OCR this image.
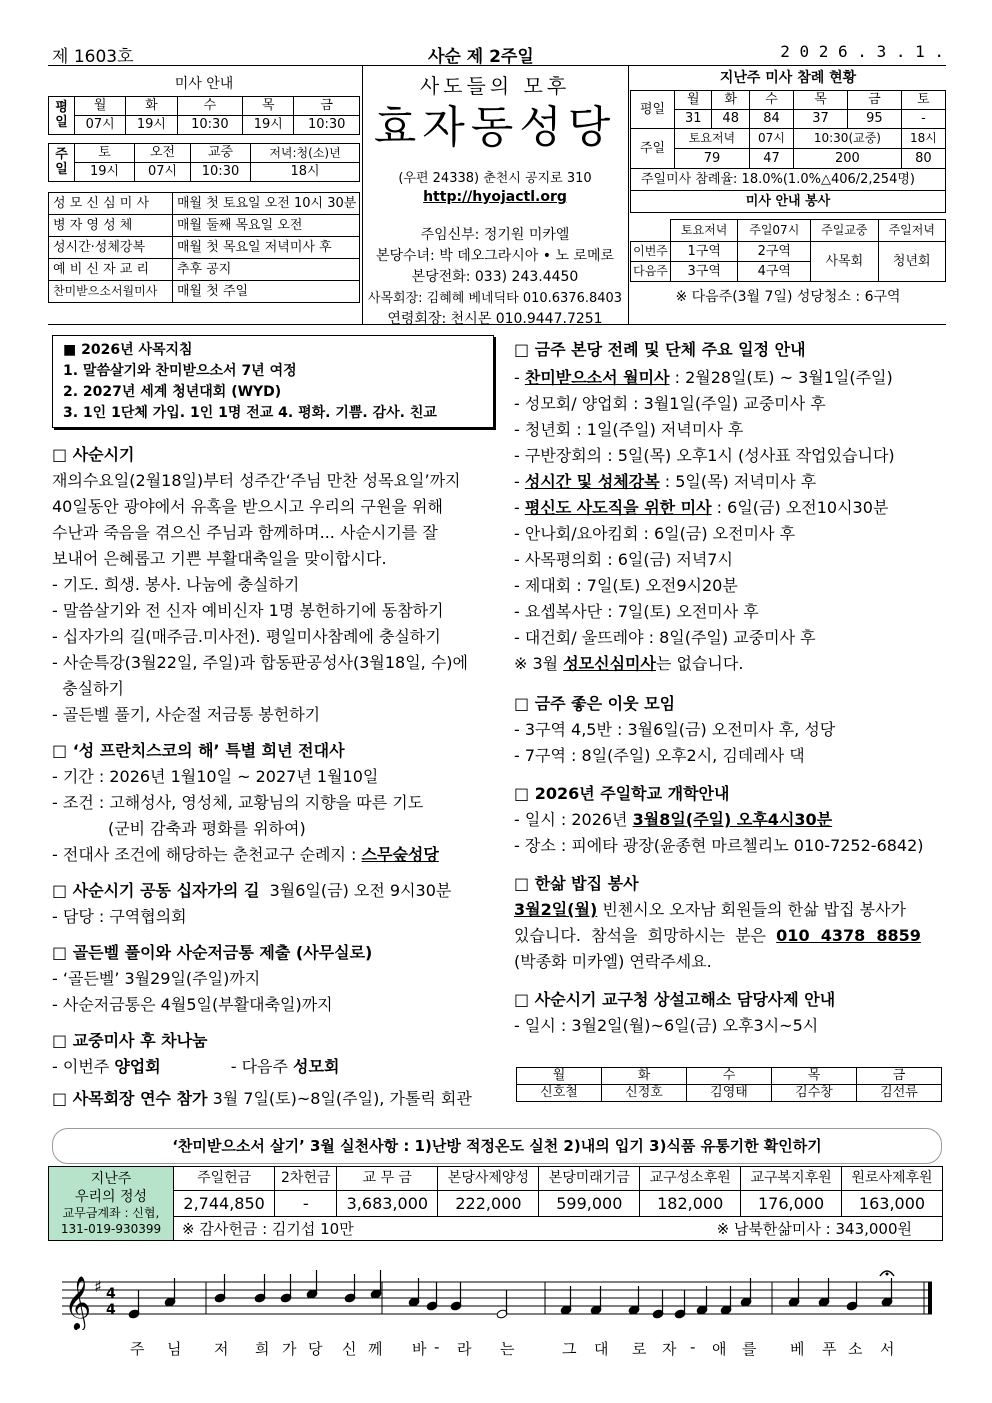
제 1603호	사순 제 2주일	2 0 2 6 . 3 . 1 .
미사 안내
평일	월	화	수	목	금
	07시	19시	10:30	19시	10:30
주일	토	오전	교중	저녁:청(소)년
	19시	07시	10:30	18시
성 모 신 심 미 사	매월 첫 토요일 오전 10시 30분
병 자 영 성 체	매월 둘째 목요일 오전
성시간·성체강복	매월 첫 목요일 저녁미사 후
예 비 신 자 교 리	추후 공지
찬미받으소서월미사	매월 첫 주일
사도들의 모후
효자동성당
(우편 24338) 춘천시 공지로 310
http://hyojactl.org
주임신부: 정기원 미카엘
본당수녀: 박 데오그라시아 • 노 로메로
본당전화: 033) 243.4450
사목회장: 김혜혜 베네딕타 010.6376.8403
연령회장: 천시몬 010.9447.7251
지난주 미사 참례 현황
평일	월	화	수	목	금	토
	31	48	84	37	95	-
주일	토요저녁		07시	10:30(교중)		18시
	79		47	200		80
주일미사 참례율: 18.0%(1.0%△406/2,254명)						
미사 안내 봉사						
	토요저녁	주일07시	주일교중	주일저녁
이번주	1구역	2구역	사목회	청년회
다음주	3구역	4구역		
※ 다음주(3월 7일) 성당청소 : 6구역
■ 2026년 사목지침
1. 말씀살기와 찬미받으소서 7년 여정
2. 2027년 세계 청년대회 (WYD)
3. 1인 1단체 가입. 1인 1명 전교 4. 평화. 기쁨. 감사. 친교
□ 사순시기
재의수요일(2월18일)부터 성주간‘주님 만찬 성목요일’까지
40일동안 광야에서 유혹을 받으시고 우리의 구원을 위해
수난과 죽음을 겪으신 주님과 함께하며... 사순시기를 잘
보내어 은혜롭고 기쁜 부활대축일을 맞이합시다.
- 기도. 희생. 봉사. 나눔에 충실하기
- 말씀살기와 전 신자 예비신자 1명 봉헌하기에 동참하기
- 십자가의 길(매주금.미사전). 평일미사참례에 충실하기
- 사순특강(3월22일, 주일)과 합동판공성사(3월18일, 수)에
충실하기
- 골든벨 풀기, 사순절 저금통 봉헌하기
□ ‘성 프란치스코의 해’ 특별 희년 전대사
- 기간 : 2026년 1월10일 ~ 2027년 1월10일
- 조건 : 고해성사, 영성체, 교황님의 지향을 따른 기도
(군비 감축과 평화를 위하여)
- 전대사 조건에 해당하는 춘천교구 순례지 : 스무숲성당
□ 사순시기 공동 십자가의 길  3월6일(금) 오전 9시30분
- 담당 : 구역협의회
□ 골든벨 풀이와 사순저금통 제출 (사무실로)
- ‘골든벨’ 3월29일(주일)까지
- 사순저금통은 4월5일(부활대축일)까지
□ 교중미사 후 차나눔
- 이번주 양업회	- 다음주 성모회
□ 사목회장 연수 참가 3월 7일(토)~8일(주일), 가톨릭 회관
□ 금주 본당 전례 및 단체 주요 일정 안내
- 찬미받으소서 월미사 : 2월28일(토) ~ 3월1일(주일)
- 성모회/ 양업회 : 3월1일(주일) 교중미사 후
- 청년회 : 1일(주일) 저녁미사 후
- 구반장회의 : 5일(목) 오후1시 (성사표 작업있습니다)
- 성시간 및 성체강복 : 5일(목) 저녁미사 후
- 평신도 사도직을 위한 미사 : 6일(금) 오전10시30분
- 안나회/요아킴회 : 6일(금) 오전미사 후
- 사목평의회 : 6일(금) 저녁7시
- 제대회 : 7일(토) 오전9시20분
- 요셉복사단 : 7일(토) 오전미사 후
- 대건회/ 울뜨레야 : 8일(주일) 교중미사 후
※ 3월 성모신심미사는 없습니다.
□ 금주 좋은 이웃 모임
- 3구역 4,5반 : 3월6일(금) 오전미사 후, 성당
- 7구역 : 8일(주일) 오후2시, 김데레사 댁
□ 2026년 주일학교 개학안내
- 일시 : 2026년 3월8일(주일) 오후4시30분
- 장소 : 피에타 광장(윤종현 마르첼리노 010-7252-6842)
□ 한삶 밥집 봉사
3월2일(월) 빈첸시오 오자남 회원들의 한삶 밥집 봉사가
있습니다.  참석을  희망하시는  분은  010  4378  8859
(박종화 미카엘) 연락주세요.
□ 사순시기 교구청 상설고해소 담당사제 안내
- 일시 : 3월2일(월)~6일(금) 오후3시~5시
월	화	수	목	금
신호철	신정호	김영태	김수창	김선류
‘찬미받으소서 살기’ 3월 실천사항 : 1)난방 적정온도 실천 2)내의 입기 3)식품 유통기한 확인하기
지난주
우리의 정성
교무금계좌 : 신협,
131-019-930399	주일헌금	2차헌금	교 무 금	본당사제양성	본당미래기금	교구성소후원	교구복지후원	원로사제후원
	2,744,850	-	3,683,000	222,000	599,000	182,000	176,000	163,000
	※ 감사헌금 : 김기섭 10만				※ 남북한삶미사 : 343,000원			
𝄞 ♯ 4
4
주 님 저 희 가 당 신 께 바 - 라 는	그 대 로 자 - 애 를 베 푸 소 서
